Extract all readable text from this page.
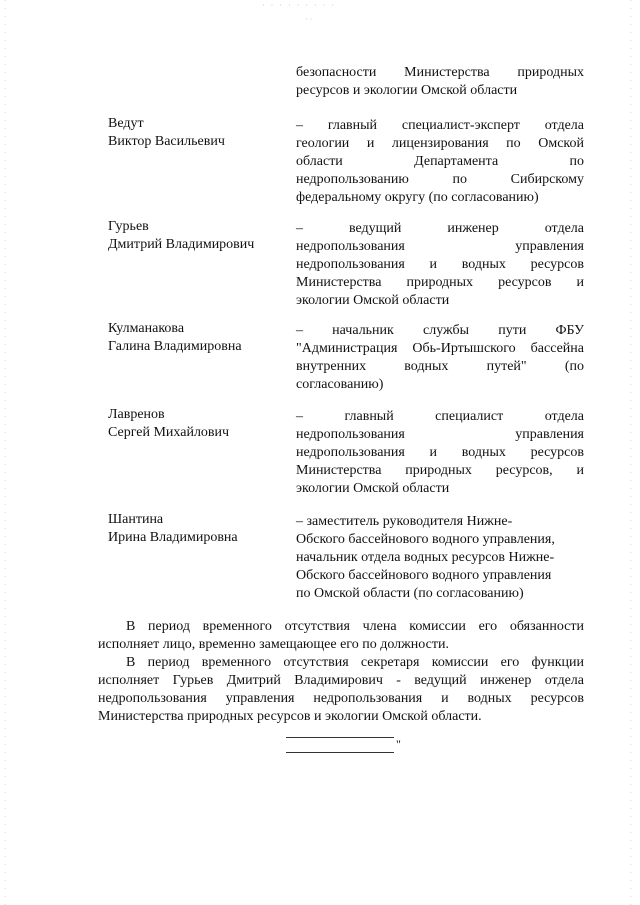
· · · · · · · · ·
··
безопасности Министерства природных
ресурсов и экологии Омской области
Ведут
Виктор Васильевич
– главный специалист-эксперт отдела
геологии и лицензирования по Омской
области Департамента по
недропользованию по Сибирскому
федеральному округу (по согласованию)
Гурьев
Дмитрий Владимирович
– ведущий инженер отдела
недропользования управления
недропользования и водных ресурсов
Министерства природных ресурсов и
экологии Омской области
Кулманакова
Галина Владимировна
– начальник службы пути ФБУ
"Администрация Обь-Иртышского бассейна
внутренних водных путей" (по
согласованию)
Лавренов
Сергей Михайлович
– главный специалист отдела
недропользования управления
недропользования и водных ресурсов
Министерства природных ресурсов, и
экологии Омской области
Шантина
Ирина Владимировна
– заместитель руководителя Нижне-
Обского бассейнового водного управления,
начальник отдела водных ресурсов Нижне-
Обского бассейнового водного управления
по Омской области (по согласованию)
В период временного отсутствия члена комиссии его обязанности
исполняет лицо, временно замещающее его по должности.
В период временного отсутствия секретаря комиссии его функции
исполняет Гурьев Дмитрий Владимирович - ведущий инженер отдела
недропользования управления недропользования и водных ресурсов
Министерства природных ресурсов и экологии Омской области.
"
